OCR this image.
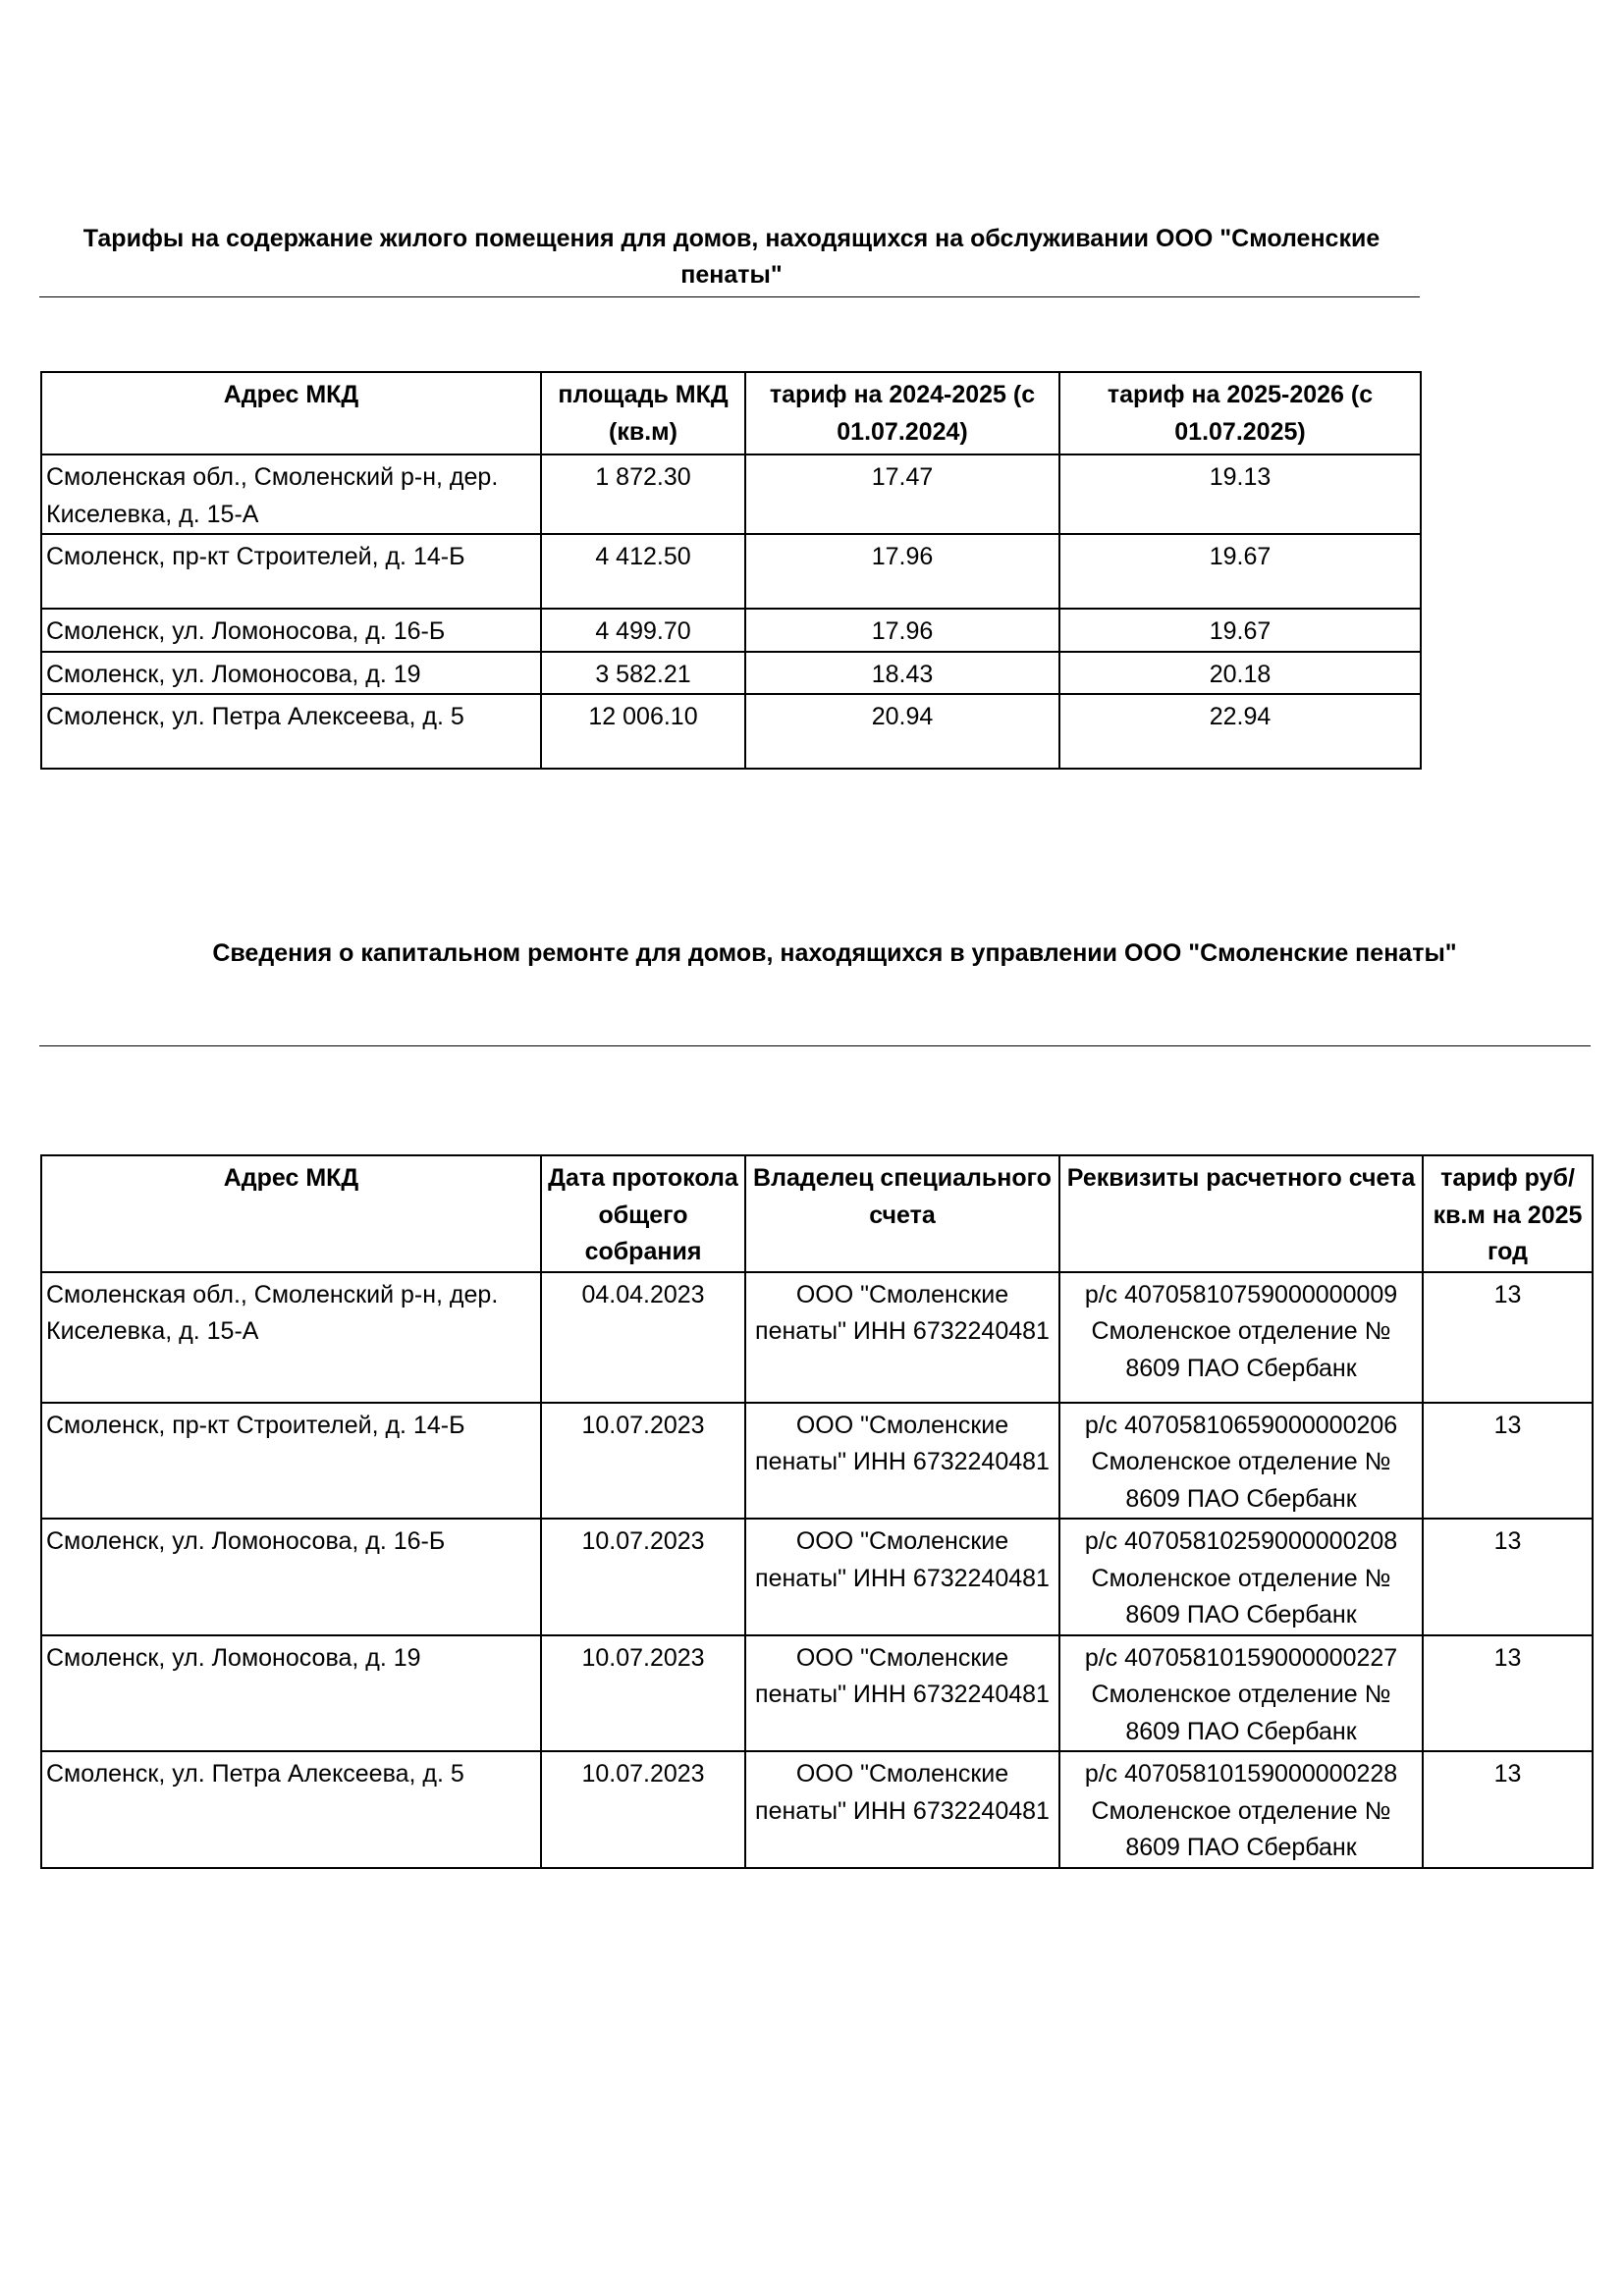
Тарифы на содержание жилого помещения для домов, находящихся на обслуживании ООО "Смоленские пенаты"
Адрес МКД	площадь МКД (кв.м)	тариф на 2024-2025 (с 01.07.2024)	тариф на 2025-2026 (с 01.07.2025)
Смоленская обл., Смоленский р-н, дер. Киселевка, д. 15-А	1 872.30	17.47	19.13
Смоленск, пр-кт Строителей, д. 14-Б	4 412.50	17.96	19.67
Смоленск, ул. Ломоносова, д. 16-Б	4 499.70	17.96	19.67
Смоленск, ул. Ломоносова, д. 19	3 582.21	18.43	20.18
Смоленск, ул. Петра Алексеева, д. 5	12 006.10	20.94	22.94
Сведения о капитальном ремонте для домов, находящихся в управлении ООО "Смоленские пенаты"
Адрес МКД	Дата протокола общего собрания	Владелец специального счета	Реквизиты расчетного счета	тариф руб/кв.м на 2025 год
Смоленская обл., Смоленский р-н, дер. Киселевка, д. 15-А	04.04.2023	ООО "Смоленские пенаты" ИНН 6732240481	р/с 40705810759000000009 Смоленское отделение № 8609 ПАО Сбербанк	13
Смоленск, пр-кт Строителей, д. 14-Б	10.07.2023	ООО "Смоленские пенаты" ИНН 6732240481	р/с 40705810659000000206 Смоленское отделение № 8609 ПАО Сбербанк	13
Смоленск, ул. Ломоносова, д. 16-Б	10.07.2023	ООО "Смоленские пенаты" ИНН 6732240481	р/с 40705810259000000208 Смоленское отделение № 8609 ПАО Сбербанк	13
Смоленск, ул. Ломоносова, д. 19	10.07.2023	ООО "Смоленские пенаты" ИНН 6732240481	р/с 40705810159000000227 Смоленское отделение № 8609 ПАО Сбербанк	13
Смоленск, ул. Петра Алексеева, д. 5	10.07.2023	ООО "Смоленские пенаты" ИНН 6732240481	р/с 40705810159000000228 Смоленское отделение № 8609 ПАО Сбербанк	13
